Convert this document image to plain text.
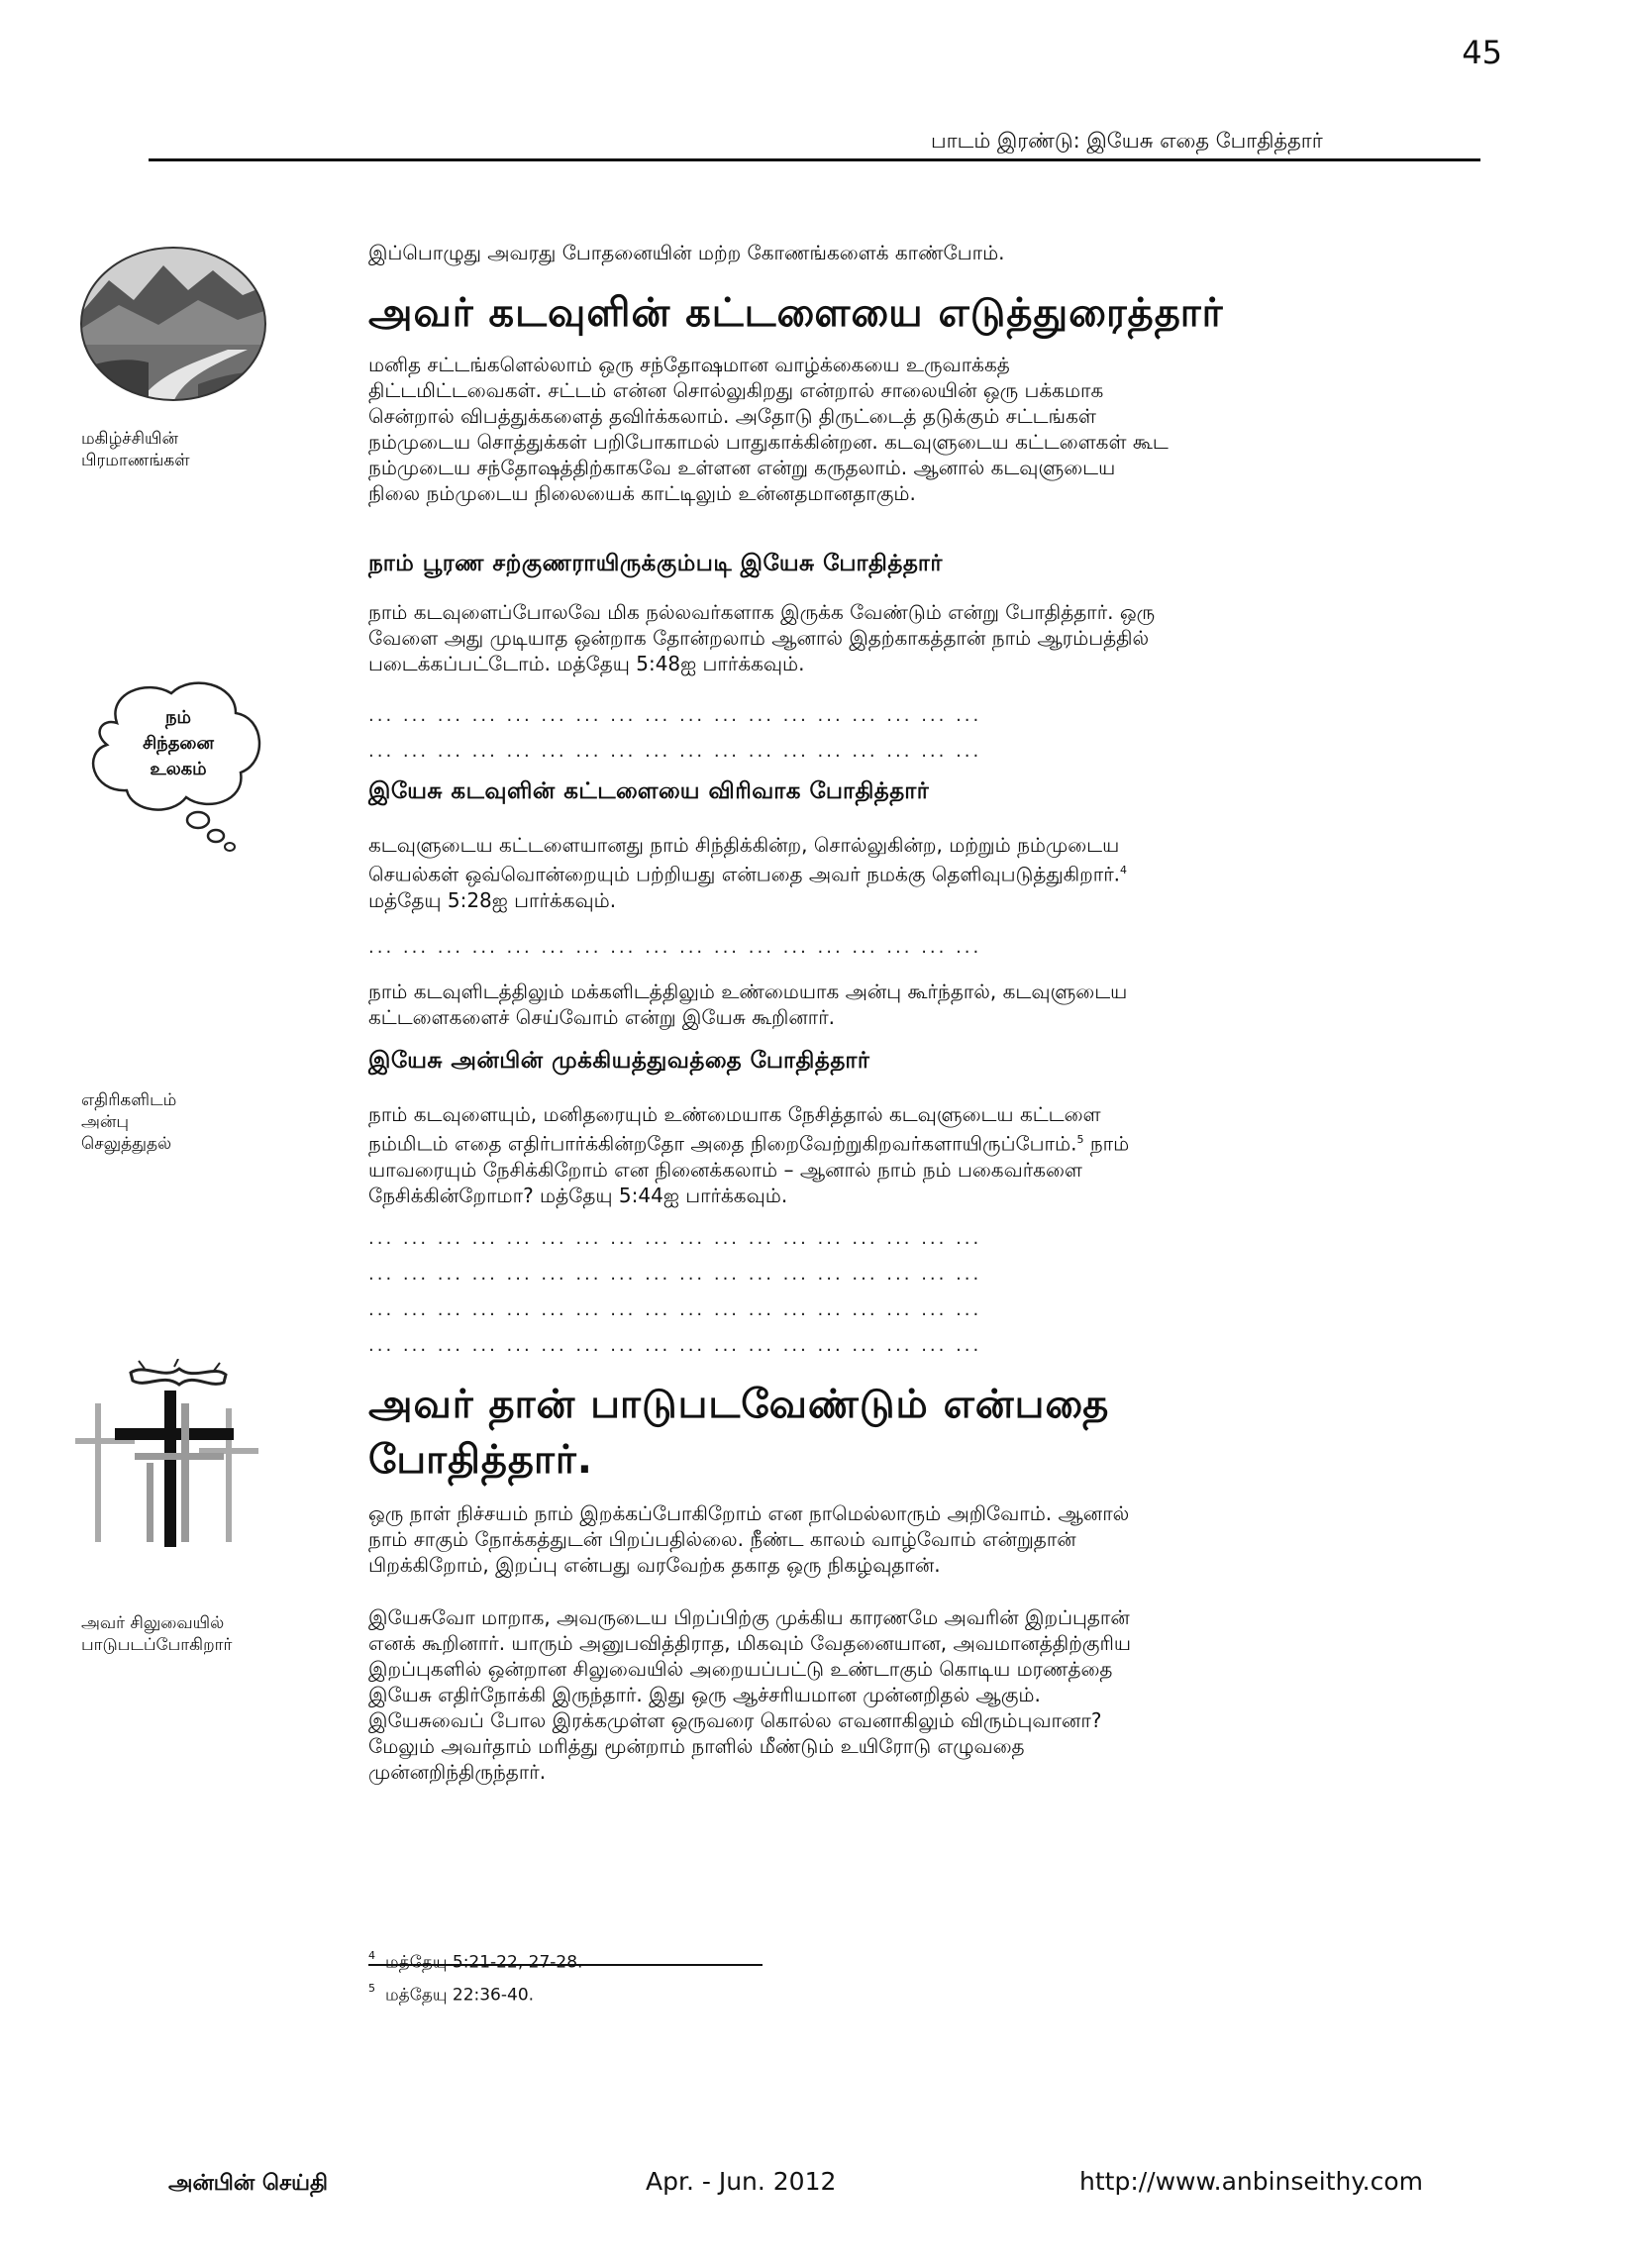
45
பாடம் இரண்டு: இயேசு எதை போதித்தார்
மகிழ்ச்சியின்
பிரமாணங்கள்
நம்
சிந்தனை
உலகம்
எதிரிகளிடம்
அன்பு
செலுத்துதல்
அவர் சிலுவையில்
பாடுபடப்போகிறார்
இப்பொழுது அவரது போதனையின் மற்ற கோணங்களைக் காண்போம்.
அவர் கடவுளின் கட்டளையை எடுத்துரைத்தார்
மனித சட்டங்களெல்லாம் ஒரு சந்தோஷமான வாழ்க்கையை உருவாக்கத்
திட்டமிட்டவைகள். சட்டம் என்ன சொல்லுகிறது என்றால் சாலையின் ஒரு பக்கமாக
சென்றால் விபத்துக்களைத் தவிர்க்கலாம். அதோடு திருட்டைத் தடுக்கும் சட்டங்கள்
நம்முடைய சொத்துக்கள் பறிபோகாமல் பாதுகாக்கின்றன. கடவுளுடைய கட்டளைகள் கூட
நம்முடைய சந்தோஷத்திற்காகவே உள்ளன என்று கருதலாம். ஆனால் கடவுளுடைய
நிலை நம்முடைய நிலையைக் காட்டிலும் உன்னதமானதாகும்.
நாம் பூரண சற்குணராயிருக்கும்படி இயேசு போதித்தார்
நாம் கடவுளைப்போலவே மிக நல்லவர்களாக இருக்க வேண்டும் என்று போதித்தார். ஒரு
வேளை அது முடியாத ஒன்றாக தோன்றலாம் ஆனால் இதற்காகத்தான் நாம் ஆரம்பத்தில்
படைக்கப்பட்டோம். மத்தேயு 5:48ஐ பார்க்கவும்.
... ... ... ... ... ... ... ... ... ... ... ... ... ... ... ... ... ...
... ... ... ... ... ... ... ... ... ... ... ... ... ... ... ... ... ...
இயேசு கடவுளின் கட்டளையை விரிவாக போதித்தார்
கடவுளுடைய கட்டளையானது நாம் சிந்திக்கின்ற, சொல்லுகின்ற, மற்றும் நம்முடைய
செயல்கள் ஒவ்வொன்றையும் பற்றியது என்பதை அவர் நமக்கு தெளிவுபடுத்துகிறார்.$^4$
மத்தேயு 5:28ஐ பார்க்கவும்.
... ... ... ... ... ... ... ... ... ... ... ... ... ... ... ... ... ...
நாம் கடவுளிடத்திலும் மக்களிடத்திலும் உண்மையாக அன்பு கூர்ந்தால், கடவுளுடைய
கட்டளைகளைச் செய்வோம் என்று இயேசு கூறினார்.
இயேசு அன்பின் முக்கியத்துவத்தை போதித்தார்
நாம் கடவுளையும், மனிதரையும் உண்மையாக நேசித்தால் கடவுளுடைய கட்டளை
நம்மிடம் எதை எதிர்பார்க்கின்றதோ அதை நிறைவேற்றுகிறவர்களாயிருப்போம்.$^5$ நாம்
யாவரையும் நேசிக்கிறோம் என நினைக்கலாம் – ஆனால் நாம் நம் பகைவர்களை
நேசிக்கின்றோமா? மத்தேயு 5:44ஐ பார்க்கவும்.
... ... ... ... ... ... ... ... ... ... ... ... ... ... ... ... ... ...
... ... ... ... ... ... ... ... ... ... ... ... ... ... ... ... ... ...
... ... ... ... ... ... ... ... ... ... ... ... ... ... ... ... ... ...
... ... ... ... ... ... ... ... ... ... ... ... ... ... ... ... ... ...
அவர் தான் பாடுபடவேண்டும் என்பதை
போதித்தார்.
ஒரு நாள் நிச்சயம் நாம் இறக்கப்போகிறோம் என நாமெல்லாரும் அறிவோம். ஆனால்
நாம் சாகும் நோக்கத்துடன் பிறப்பதில்லை. நீண்ட காலம் வாழ்வோம் என்றுதான்
பிறக்கிறோம், இறப்பு என்பது வரவேற்க தகாத ஒரு நிகழ்வுதான்.
இயேசுவோ மாறாக, அவருடைய பிறப்பிற்கு முக்கிய காரணமே அவரின் இறப்புதான்
எனக் கூறினார். யாரும் அனுபவித்திராத, மிகவும் வேதனையான, அவமானத்திற்குரிய
இறப்புகளில் ஒன்றான சிலுவையில் அறையப்பட்டு உண்டாகும் கொடிய மரணத்தை
இயேசு எதிர்நோக்கி இருந்தார். இது ஒரு ஆச்சரியமான முன்னறிதல் ஆகும்.
இயேசுவைப் போல இரக்கமுள்ள ஒருவரை கொல்ல எவனாகிலும் விரும்புவானா?
மேலும் அவர்தாம் மரித்து மூன்றாம் நாளில் மீண்டும் உயிரோடு எழுவதை
முன்னறிந்திருந்தார்.
$^4$ மத்தேயு 5:21-22, 27-28.
$^5$ மத்தேயு 22:36-40.
அன்பின் செய்தி	Apr. - Jun. 2012	http://www.anbinseithy.com
